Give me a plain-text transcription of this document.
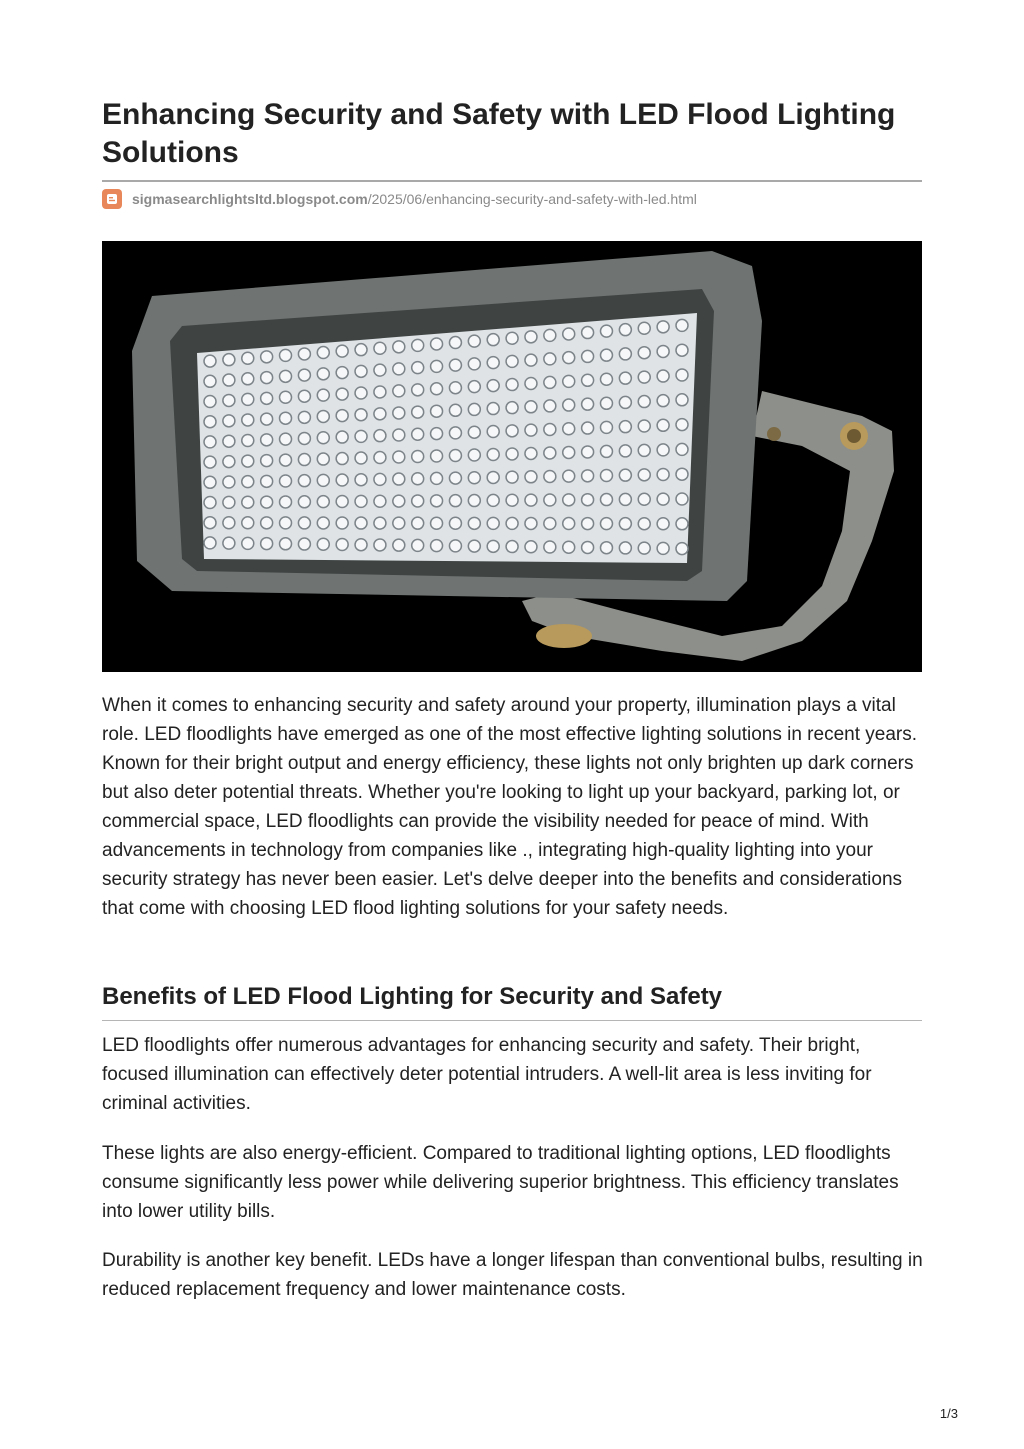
Enhancing Security and Safety with LED Flood Lighting Solutions
sigmasearchlightsltd.blogspot.com /2025/06/enhancing-security-and-safety-with-led.html

When it comes to enhancing security and safety around your property, illumination plays a vital role. LED floodlights have emerged as one of the most effective lighting solutions in recent years. Known for their bright output and energy efficiency, these lights not only brighten up dark corners but also deter potential threats. Whether you're looking to light up your backyard, parking lot, or commercial space, LED floodlights can provide the visibility needed for peace of mind. With advancements in technology from companies like ., integrating high-quality lighting into your security strategy has never been easier. Let's delve deeper into the benefits and considerations that come with choosing LED flood lighting solutions for your safety needs.

Benefits of LED Flood Lighting for Security and Safety

LED floodlights offer numerous advantages for enhancing security and safety. Their bright, focused illumination can effectively deter potential intruders. A well-lit area is less inviting for criminal activities.

These lights are also energy-efficient. Compared to traditional lighting options, LED floodlights consume significantly less power while delivering superior brightness. This efficiency translates into lower utility bills.

Durability is another key benefit. LEDs have a longer lifespan than conventional bulbs, resulting in reduced replacement frequency and lower maintenance costs.

1/3
